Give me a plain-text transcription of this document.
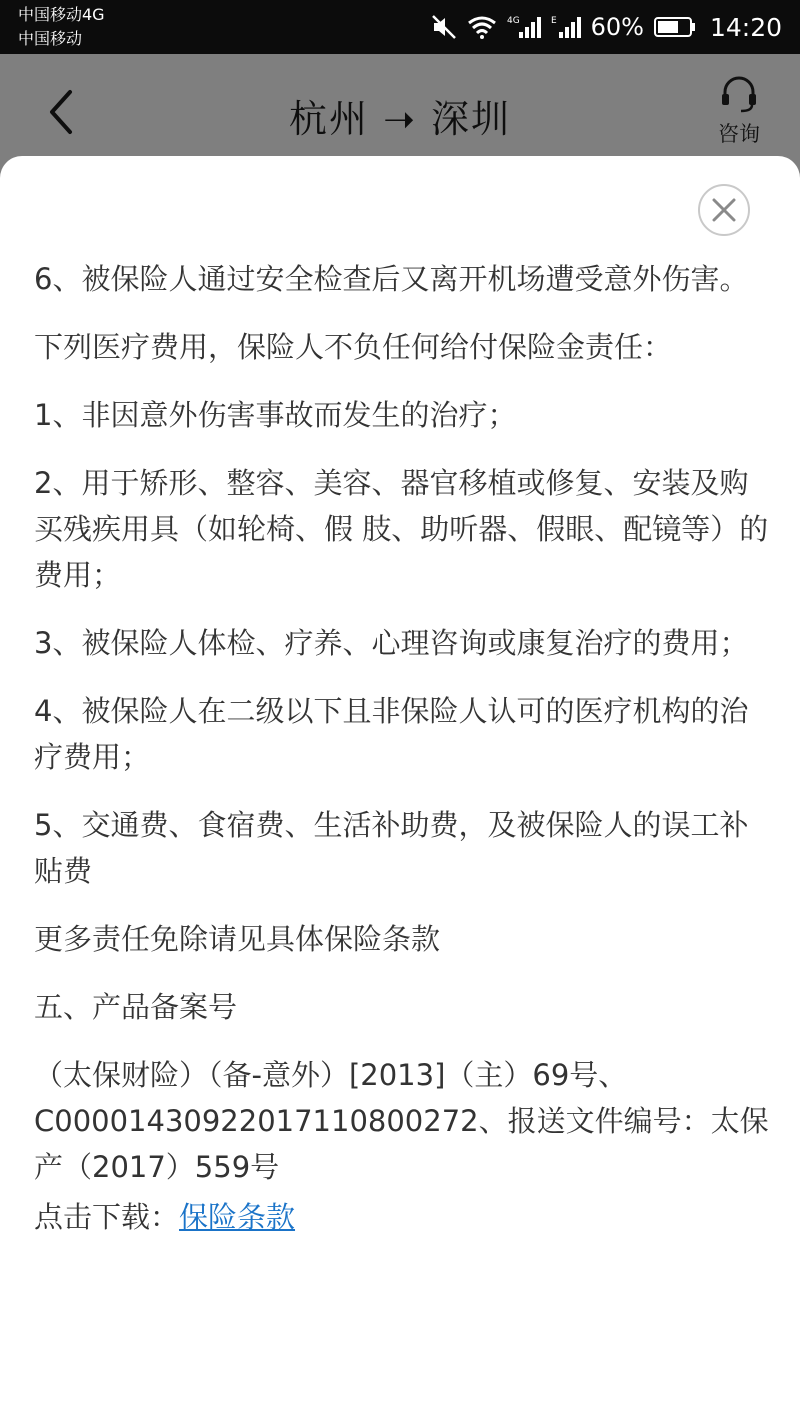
中国移动4G
中国移动
4G	E 60%	14:20
杭州 ➝ 深圳	咨询

6、被保险人通过安全检查后又离开机场遭受意外伤害。

下列医疗费用，保险人不负任何给付保险金责任：

1、非因意外伤害事故而发生的治疗；

2、用于矫形、整容、美容、器官移植或修复、安装及购买残疾用具（如轮椅、假 肢、助听器、假眼、配镜等）的费用；

3、被保险人体检、疗养、心理咨询或康复治疗的费用；

4、被保险人在二级以下且非保险人认可的医疗机构的治疗费用；

5、交通费、食宿费、生活补助费，及被保险人的误工补贴费

更多责任免除请见具体保险条款

五、产品备案号

（太保财险）（备-意外）[2013]（主）69号、C00001430922017110800272、报送文件编号：太保产（2017）559号

点击下载：保险条款
